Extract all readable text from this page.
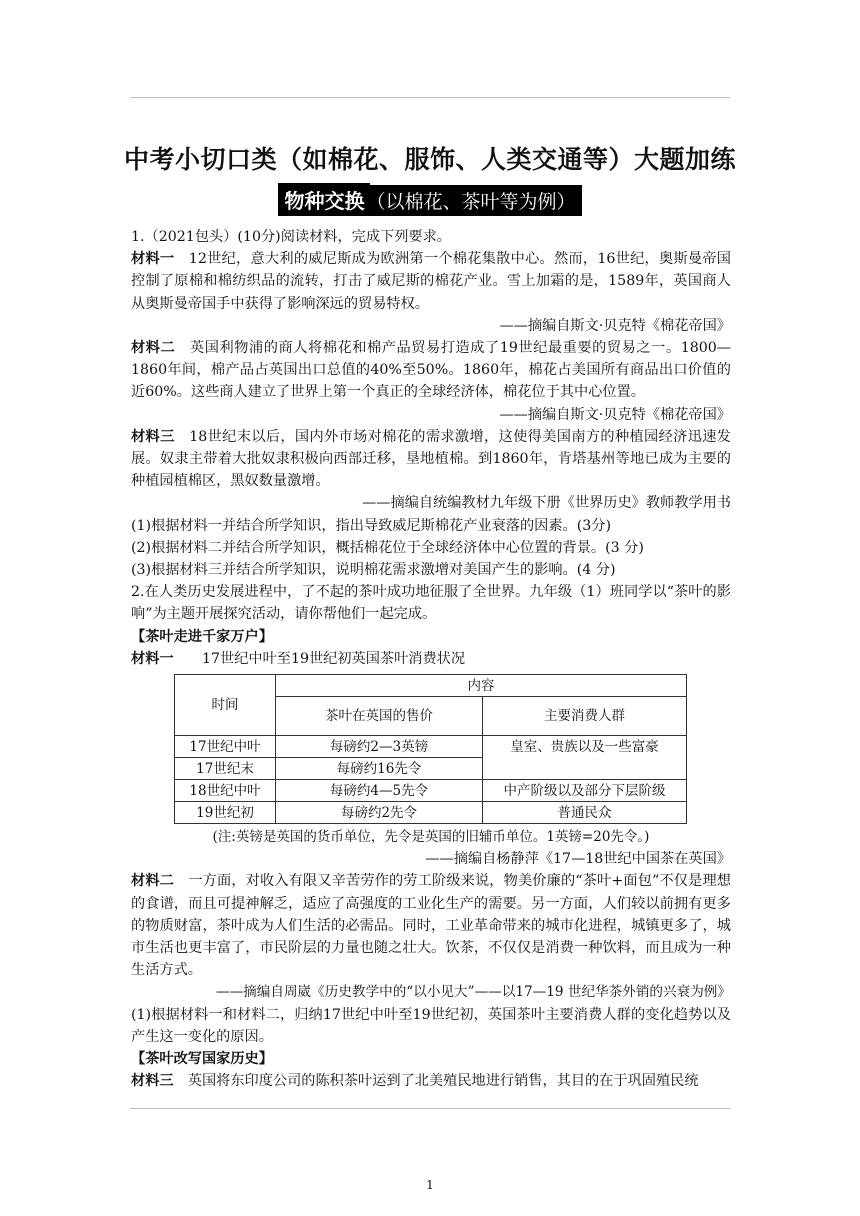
中考小切口类（如棉花、服饰、人类交通等）大题加练
物种交换 （以棉花、茶叶等为例）

1.（2021包头）(10分)阅读材料，完成下列要求。

材料一　12世纪，意大利的威尼斯成为欧洲第一个棉花集散中心。然而，16世纪，奥斯曼帝国控制了原棉和棉纺织品的流转，打击了威尼斯的棉花产业。雪上加霜的是，1589年，英国商人从奥斯曼帝国手中获得了影响深远的贸易特权。

——摘编自斯文·贝克特《棉花帝国》

材料二　英国利物浦的商人将棉花和棉产品贸易打造成了19世纪最重要的贸易之一。1800—1860年间，棉产品占英国出口总值的40%至50%。1860年，棉花占美国所有商品出口价值的近60%。这些商人建立了世界上第一个真正的全球经济体，棉花位于其中心位置。

——摘编自斯文·贝克特《棉花帝国》

材料三　18世纪末以后，国内外市场对棉花的需求激增，这使得美国南方的种植园经济迅速发展。奴隶主带着大批奴隶积极向西部迁移，垦地植棉。到1860年，肯塔基州等地已成为主要的种植园植棉区，黑奴数量激增。

——摘编自统编教材九年级下册《世界历史》教师教学用书

(1)根据材料一并结合所学知识，指出导致威尼斯棉花产业衰落的因素。(3分)

(2)根据材料二并结合所学知识，概括棉花位于全球经济体中心位置的背景。(3 分)

(3)根据材料三并结合所学知识，说明棉花需求激增对美国产生的影响。(4 分)

2.在人类历史发展进程中，了不起的茶叶成功地征服了全世界。九年级（1）班同学以“茶叶的影响”为主题开展探究活动，请你帮他们一起完成。

【茶叶走进千家万户】

材料一　　17世纪中叶至19世纪初英国茶叶消费状况

时间	内容	
	茶叶在英国的售价	主要消费人群
17世纪中叶	每磅约2—3英镑	皇室、贵族以及一些富豪
17世纪末	每磅约16先令	
18世纪中叶	每磅约4—5先令	中产阶级以及部分下层阶级
19世纪初	每磅约2先令	普通民众

(注:英镑是英国的货币单位，先令是英国的旧辅币单位。1英镑=20先令。)

——摘编自杨静萍《17—18世纪中国茶在英国》

材料二　一方面，对收入有限又辛苦劳作的劳工阶级来说，物美价廉的“茶叶+面包”不仅是理想的食谱，而且可提神解乏，适应了高强度的工业化生产的需要。另一方面，人们较以前拥有更多的物质财富，茶叶成为人们生活的必需品。同时，工业革命带来的城市化进程，城镇更多了，城市生活也更丰富了，市民阶层的力量也随之壮大。饮茶，不仅仅是消费一种饮料，而且成为一种生活方式。

——摘编自周崴《历史教学中的“以小见大”——以17—19 世纪华茶外销的兴衰为例》

(1)根据材料一和材料二，归纳17世纪中叶至19世纪初，英国茶叶主要消费人群的变化趋势以及产生这一变化的原因。

【茶叶改写国家历史】

材料三　英国将东印度公司的陈积茶叶运到了北美殖民地进行销售，其目的在于巩固殖民统

1
